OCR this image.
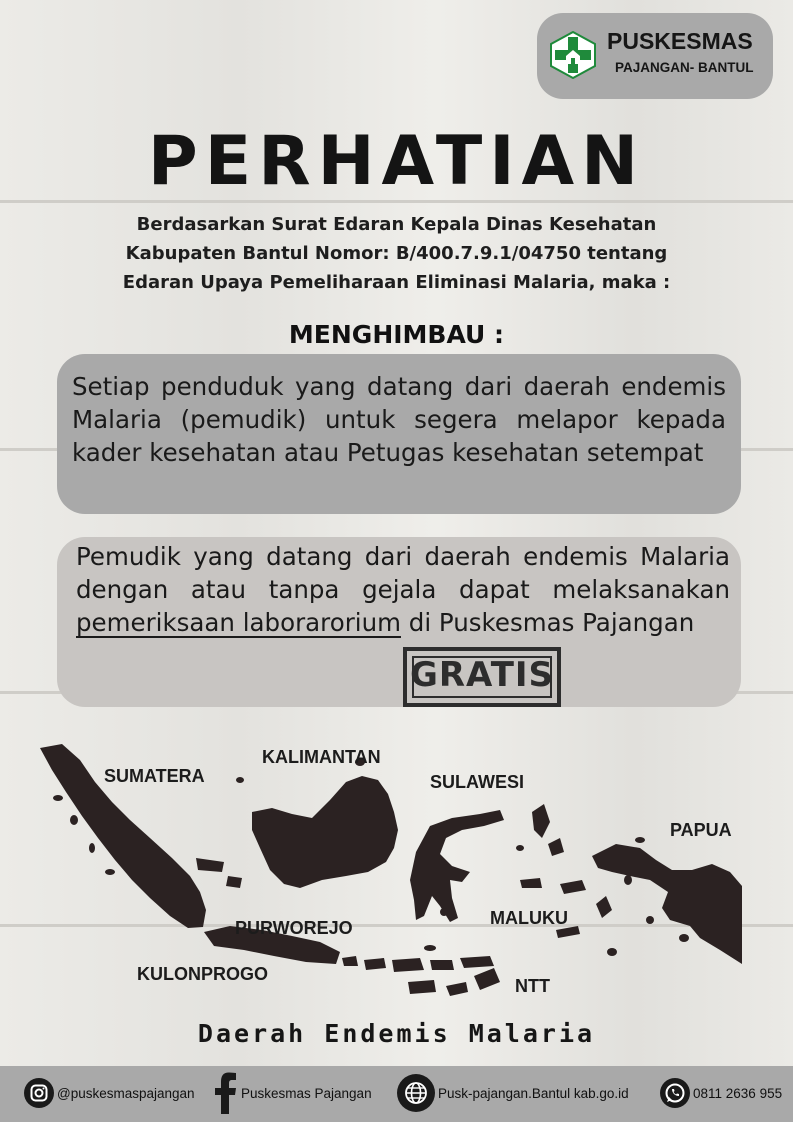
PUSKESMAS
PAJANGAN- BANTUL
PERHATIAN
Berdasarkan Surat Edaran Kepala Dinas Kesehatan
Kabupaten Bantul Nomor: B/400.7.9.1/04750 tentang
Edaran Upaya Pemeliharaan Eliminasi Malaria, maka :
MENGHIMBAU :
Setiap penduduk yang datang dari daerah endemis Malaria (pemudik) untuk segera melapor kepada kader kesehatan atau Petugas kesehatan setempat
Pemudik yang datang dari daerah endemis Malaria dengan atau tanpa gejala dapat melaksanakan pemeriksaan laborarorium di Puskesmas Pajangan
GRATIS
SUMATERA
KALIMANTAN
SULAWESI
PAPUA
MALUKU
PURWOREJO
KULONPROGO
NTT
Daerah Endemis Malaria
@puskesmaspajangan	Puskesmas Pajangan	Pusk-pajangan.Bantul kab.go.id	0811 2636 955
